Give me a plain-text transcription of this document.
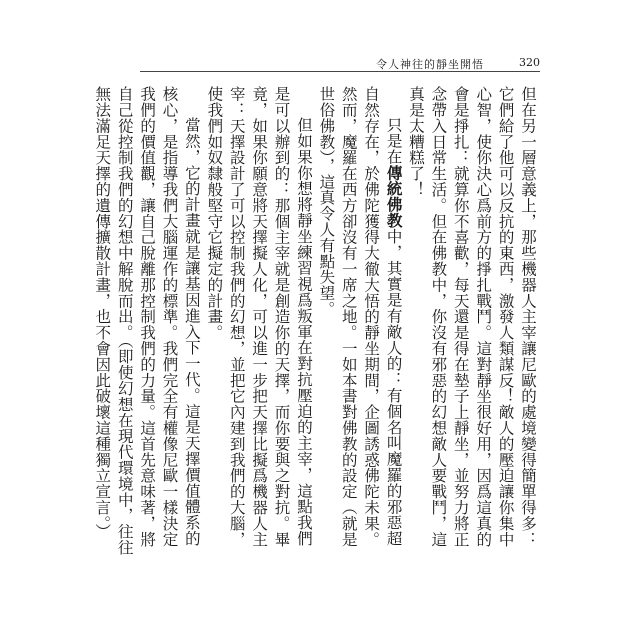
令人神往的靜坐開悟	320

但在另一層意義上，那些機器人主宰讓尼歐的處境變得簡單得多：它們給了他可以反抗的東西，激發人類謀反！敵人的壓迫讓你集中心智，使你決心爲前方的掙扎戰鬥。這對靜坐很好用，因爲這真的會是掙扎：就算你不喜歡，每天還是得在墊子上靜坐，並努力將正念帶入日常生活。但在佛教中，你沒有邪惡的幻想敵人要戰鬥，這真是太糟糕了！

只是在傳統佛教中，其實是有敵人的：有個名叫魔羅的邪惡超自然存在，於佛陀獲得大徹大悟的靜坐期間，企圖誘惑佛陀未果。然而，魔羅在西方卻沒有一席之地。一如本書對佛教的設定（就是世俗佛教），這真令人有點失望。

但如果你想將靜坐練習視爲叛軍在對抗壓迫的主宰，這點我們是可以辦到的：那個主宰就是創造你的天擇，而你要與之對抗。畢竟，如果你願意將天擇擬人化，可以進一步把天擇比擬爲機器人主宰：天擇設計了可以控制我們的幻想，並把它內建到我們的大腦，使我們如奴隸般堅守它擬定的計畫。

當然，它的計畫就是讓基因進入下一代。這是天擇價值體系的核心，是指導我們大腦運作的標準。我們完全有權像尼歐一樣決定我們的價值觀，讓自己脫離那控制我們的力量。這首先意味著，將自己從控制我們的幻想中解脫而出。（即使幻想在現代環境中，往往無法滿足天擇的遺傳擴散計畫，也不會因此破壞這種獨立宣言。）
